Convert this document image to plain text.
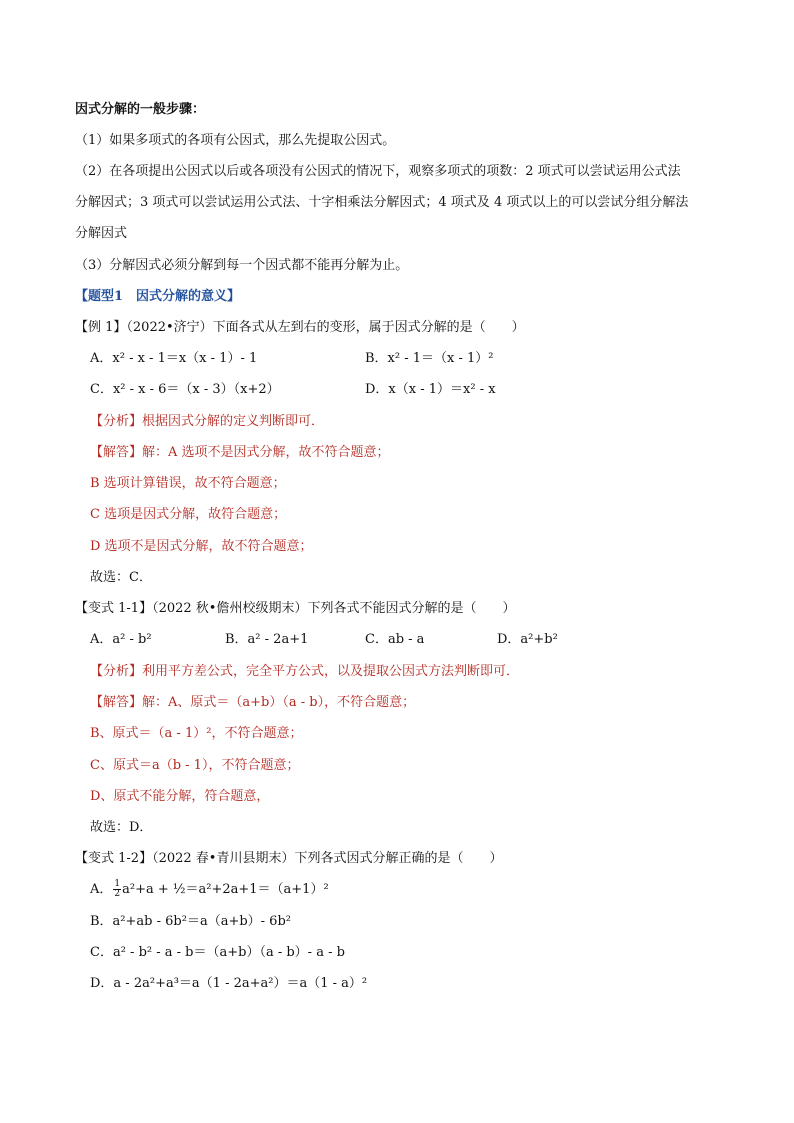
因式分解的一般步骤：
（1）如果多项式的各项有公因式，那么先提取公因式。
（2）在各项提出公因式以后或各项没有公因式的情况下，观察多项式的项数：2 项式可以尝试运用公式法
分解因式；3 项式可以尝试运用公式法、十字相乘法分解因式；4 项式及 4 项式以上的可以尝试分组分解法
分解因式
（3）分解因式必须分解到每一个因式都不能再分解为止。
【题型1　因式分解的意义】
【例 1】（2022•济宁）下面各式从左到右的变形，属于因式分解的是（　　）
A．x² - x - 1＝x（x - 1）- 1	B．x² - 1＝（x - 1）²
C．x² - x - 6＝（x - 3）（x+2）	D．x（x - 1）＝x² - x
【分析】根据因式分解的定义判断即可．
【解答】解：A 选项不是因式分解，故不符合题意；
B 选项计算错误，故不符合题意；
C 选项是因式分解，故符合题意；
D 选项不是因式分解，故不符合题意；
故选：C．
【变式 1-1】（2022 秋•儋州校级期末）下列各式不能因式分解的是（　　）
A．a² - b²	B．a² - 2a+1	C．ab - a	D．a²+b²
【分析】利用平方差公式，完全平方公式，以及提取公因式方法判断即可．
【解答】解：A、原式＝（a+b）（a - b），不符合题意；
B、原式＝（a - 1）²，不符合题意；
C、原式＝a（b - 1），不符合题意；
D、原式不能分解，符合题意，
故选：D．
【变式 1-2】（2022 春•青川县期末）下列各式因式分解正确的是（　　）
A． $\frac{1}{2} a^2+a$ + ½＝a²+2a+1＝（a+1）²
B．a²+ab - 6b²＝a（a+b）- 6b²
C．a² - b² - a - b＝（a+b）（a - b）- a - b
D．a - 2a²+a³＝a（1 - 2a+a²）＝a（1 - a）²
